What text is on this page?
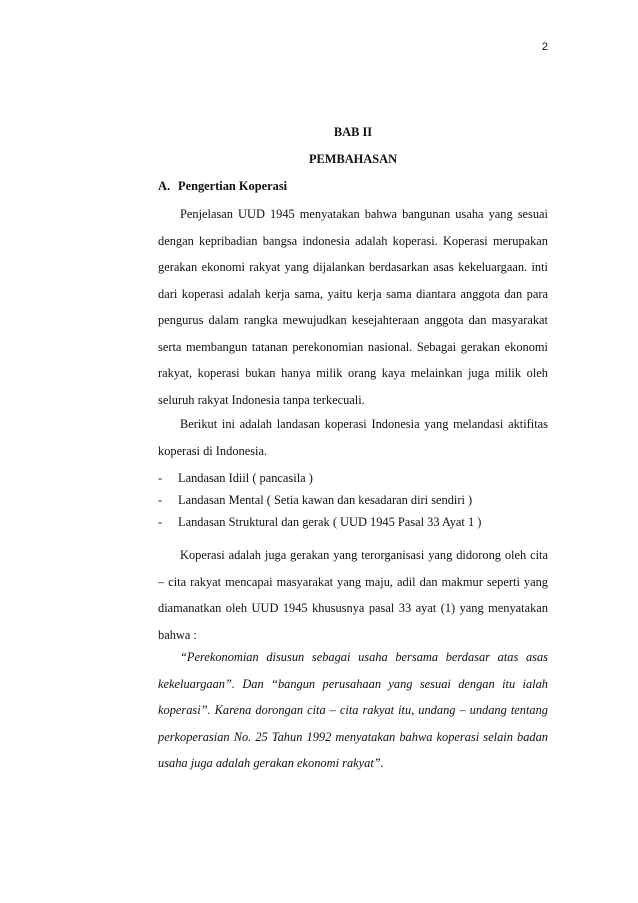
2
BAB II
PEMBAHASAN
A. Pengertian Koperasi

Penjelasan UUD 1945 menyatakan bahwa bangunan usaha yang sesuai dengan kepribadian bangsa indonesia adalah koperasi. Koperasi merupakan gerakan ekonomi rakyat yang dijalankan berdasarkan asas kekeluargaan. inti dari koperasi adalah kerja sama, yaitu kerja sama diantara anggota dan para pengurus dalam rangka mewujudkan kesejahteraan anggota dan masyarakat serta membangun tatanan perekonomian nasional. Sebagai gerakan ekonomi rakyat, koperasi bukan hanya milik orang kaya melainkan juga milik oleh seluruh rakyat Indonesia tanpa terkecuali.

Berikut ini adalah landasan koperasi Indonesia yang melandasi aktifitas koperasi di Indonesia.

- Landasan Idiil ( pancasila )
- Landasan Mental ( Setia kawan dan kesadaran diri sendiri )
- Landasan Struktural dan gerak ( UUD 1945 Pasal 33 Ayat 1 )

Koperasi adalah juga gerakan yang terorganisasi yang didorong oleh cita – cita rakyat mencapai masyarakat yang maju, adil dan makmur seperti yang diamanatkan oleh UUD 1945 khususnya pasal 33 ayat (1) yang menyatakan bahwa :

“Perekonomian disusun sebagai usaha bersama berdasar atas asas kekeluargaan”. Dan “bangun perusahaan yang sesuai dengan itu ialah koperasi”. Karena dorongan cita – cita rakyat itu, undang – undang tentang perkoperasian No. 25 Tahun 1992 menyatakan bahwa koperasi selain badan usaha juga adalah gerakan ekonomi rakyat”.
